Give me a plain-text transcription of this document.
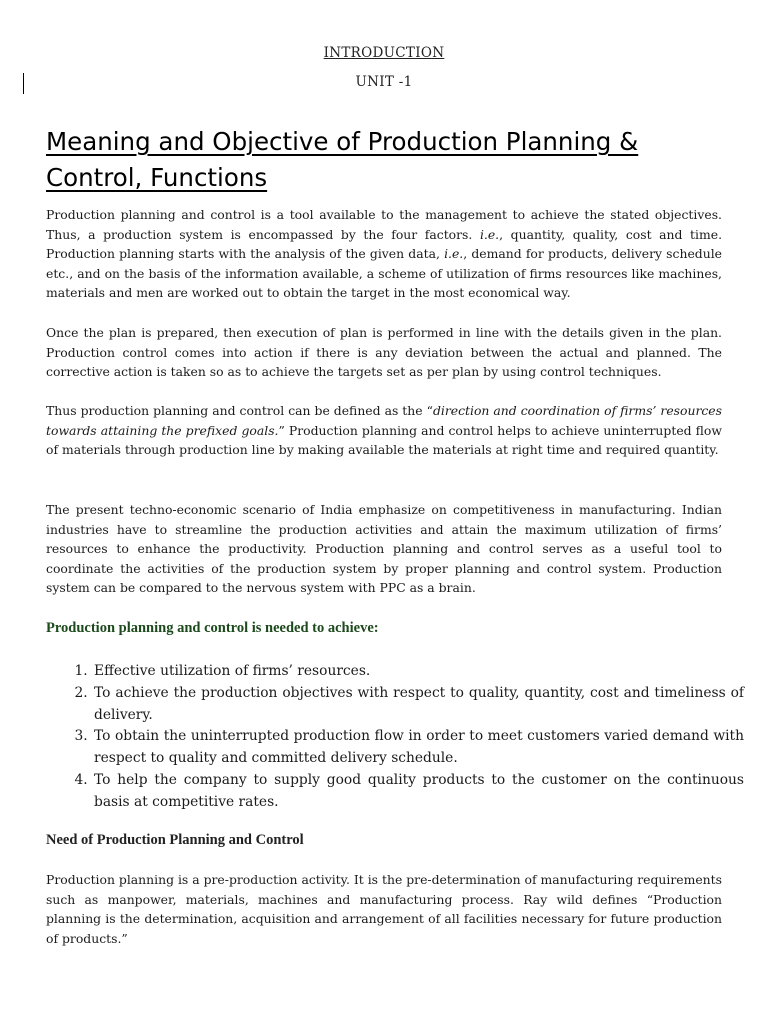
INTRODUCTION
UNIT -1
Meaning and Objective of Production Planning & Control, Functions

Production planning and control is a tool available to the management to achieve the stated objectives. Thus, a production system is encompassed by the four factors. i.e., quantity, quality, cost and time. Production planning starts with the analysis of the given data, i.e., demand for products, delivery schedule etc., and on the basis of the information available, a scheme of utilization of firms resources like machines, materials and men are worked out to obtain the target in the most economical way.

Once the plan is prepared, then execution of plan is performed in line with the details given in the plan. Production control comes into action if there is any deviation between the actual and planned. The corrective action is taken so as to achieve the targets set as per plan by using control techniques.

Thus production planning and control can be defined as the “direction and coordination of firms’ resources towards attaining the prefixed goals.” Production planning and control helps to achieve uninterrupted flow of materials through production line by making available the materials at right time and required quantity.

The present techno-economic scenario of India emphasize on competitiveness in manufacturing. Indian industries have to streamline the production activities and attain the maximum utilization of firms’ resources to enhance the productivity. Production planning and control serves as a useful tool to coordinate the activities of the production system by proper planning and control system. Production system can be compared to the nervous system with PPC as a brain.

Production planning and control is needed to achieve:
1. Effective utilization of firms’ resources.
2. To achieve the production objectives with respect to quality, quantity, cost and timeliness of delivery.
3. To obtain the uninterrupted production flow in order to meet customers varied demand with respect to quality and committed delivery schedule.
4. To help the company to supply good quality products to the customer on the continuous basis at competitive rates.
Need of Production Planning and Control

Production planning is a pre-production activity. It is the pre-determination of manufacturing requirements such as manpower, materials, machines and manufacturing process. Ray wild defines “Production planning is the determination, acquisition and arrangement of all facilities necessary for future production of products.”
